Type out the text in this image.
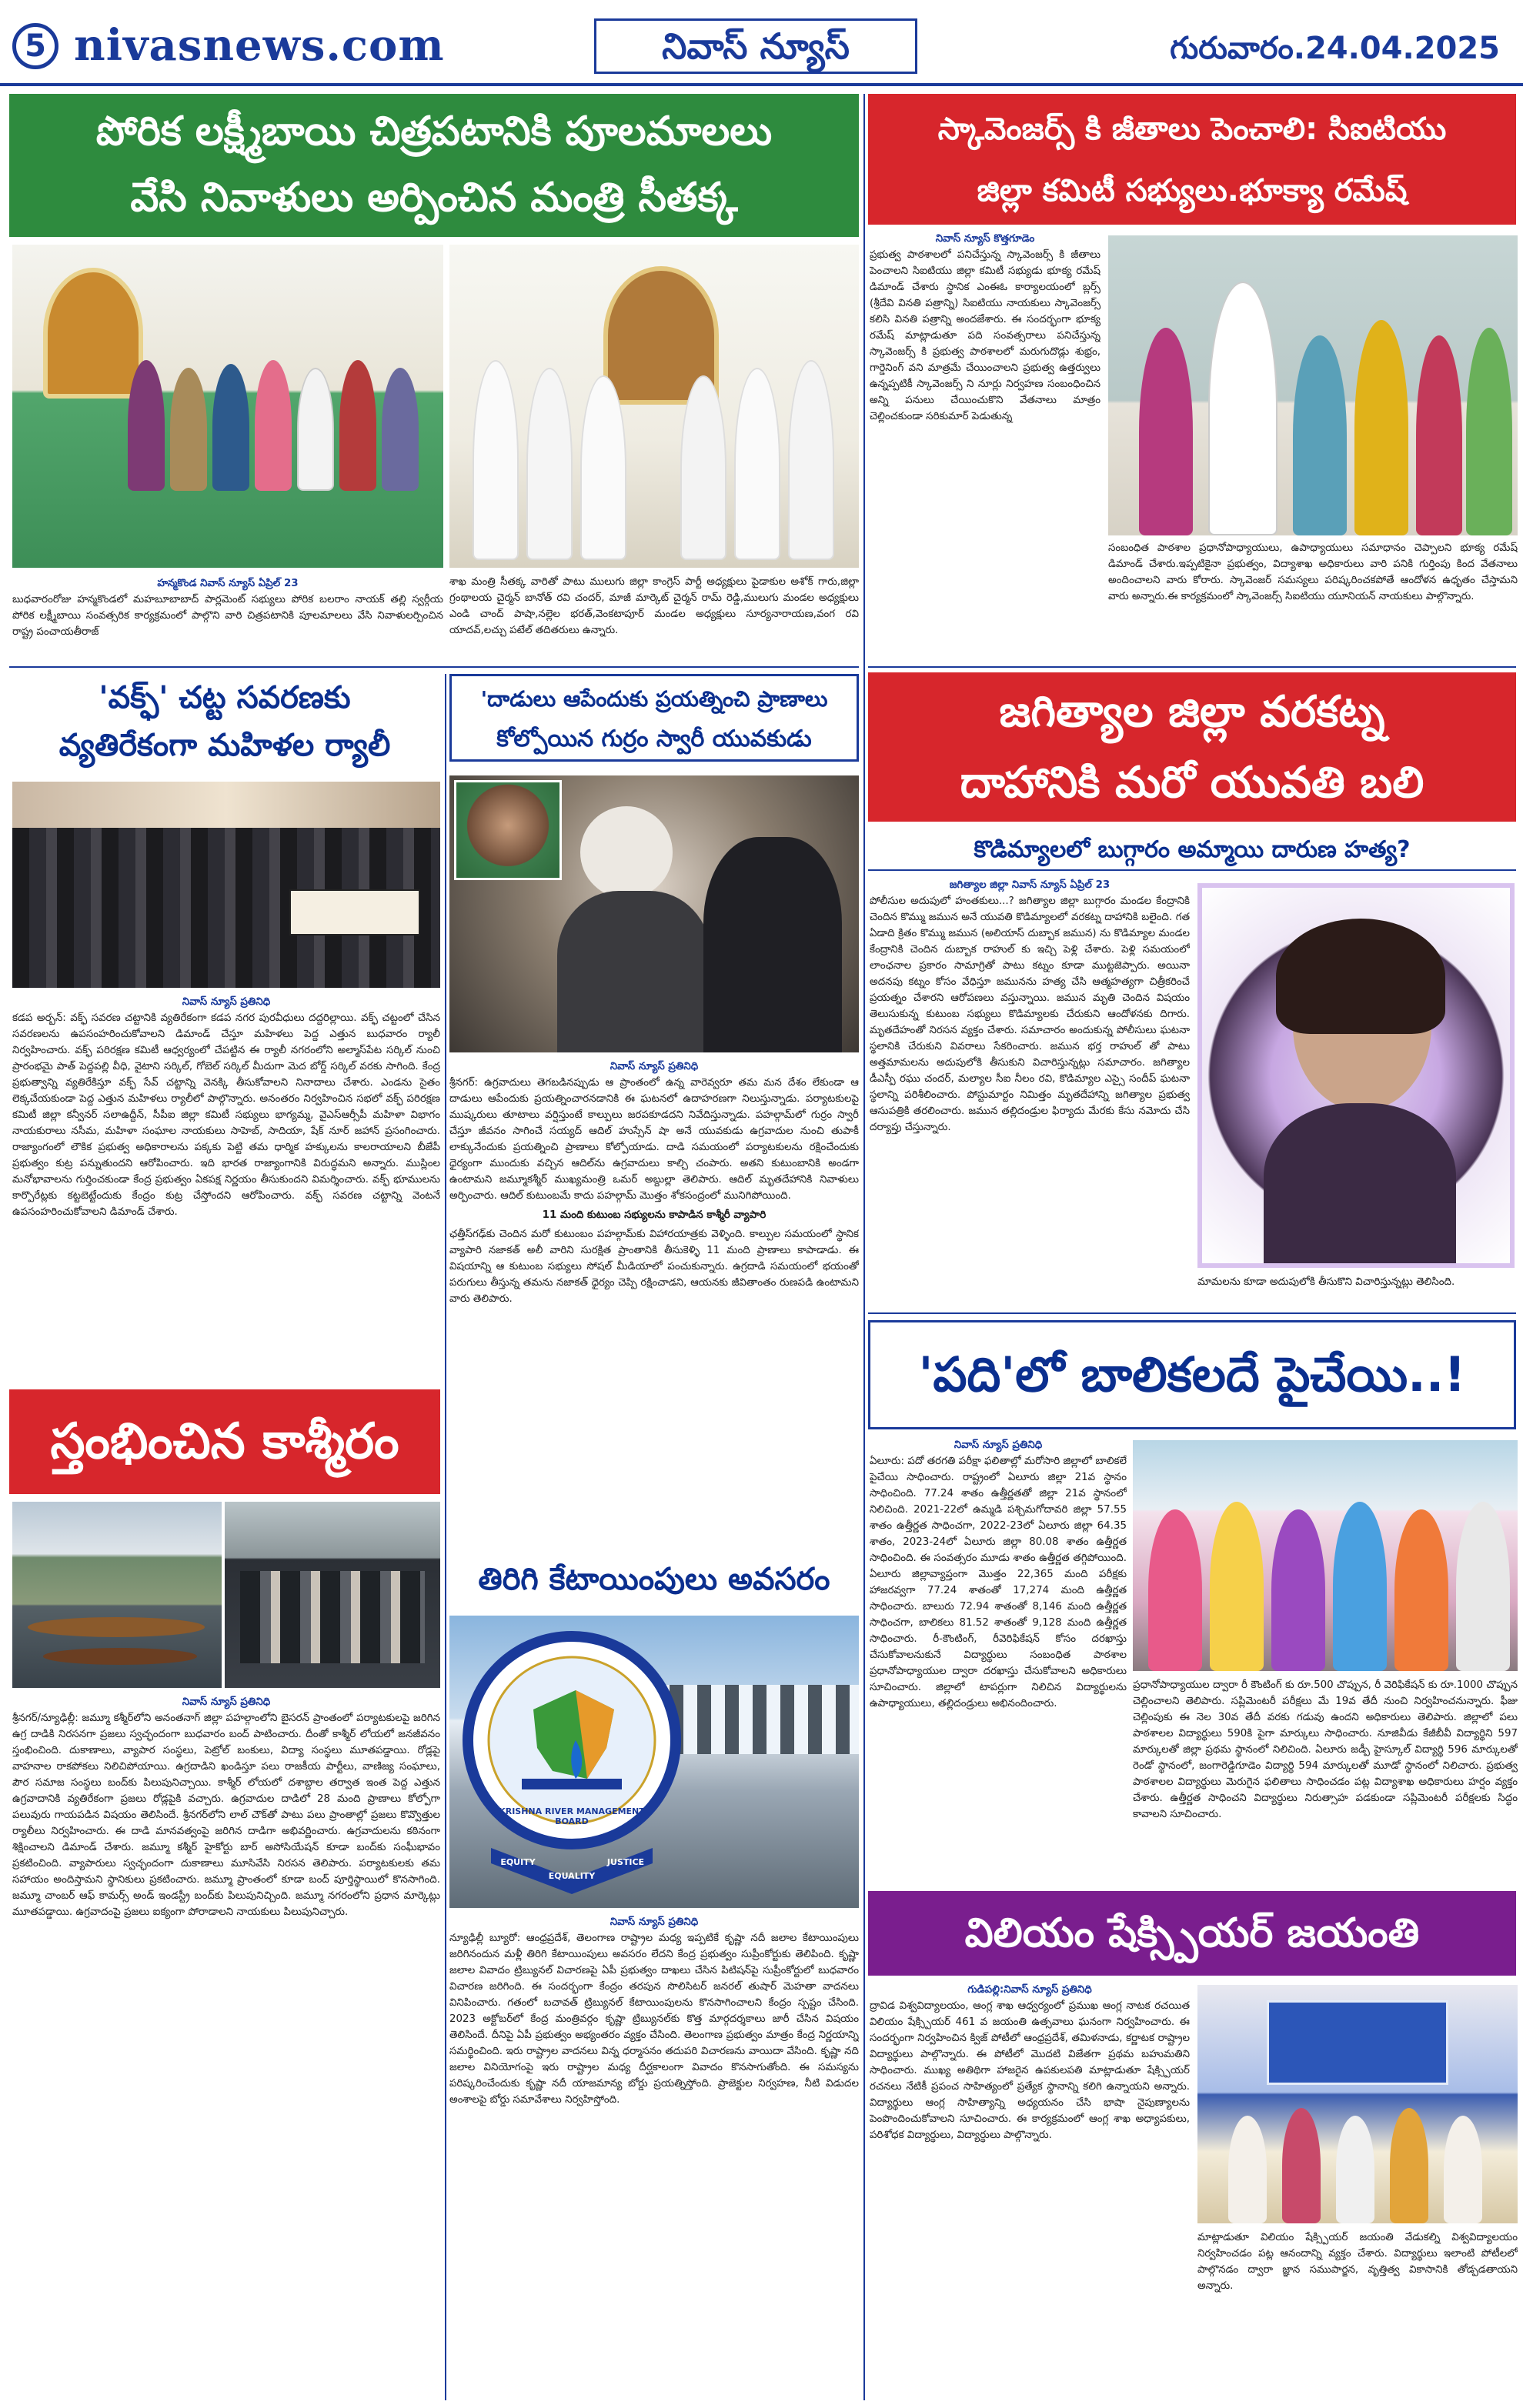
5 nivasnews.com	నివాస్ న్యూస్	గురువారం.24.04.2025
పోరిక లక్ష్మీబాయి చిత్రపటానికి పూలమాలలు
వేసి నివాళులు అర్పించిన మంత్రి సీతక్క
శాఖ మంత్రి సీతక్క వారితో పాటు ములుగు జిల్లా కాంగ్రెస్ పార్టీ అధ్యక్షులు పైడాకుల అశోక్ గారు,జిల్లా గ్రంథాలయ చైర్మన్ బానోత్ రవి చందర్, మాజీ మార్కెట్ చైర్మన్ రామ్ రెడ్డి,ములుగు మండల అధ్యక్షులు ఎండి చాంద్ పాషా,నల్లెల భరత్,వెంకటాపూర్ మండల అధ్యక్షులు సూర్యనారాయణ,వంగ రవి యాదవ్,లచ్చు పటేల్ తదితరులు ఉన్నారు.
హన్మకొండ నివాస్ న్యూస్ ఏప్రిల్ 23
బుధవారంరోజు హన్మకొండలో మహబూబాబాద్ పార్లమెంట్ సభ్యులు పోరిక బలరాం నాయక్ తల్లి స్వర్గీయ పోరిక లక్ష్మీబాయి సంవత్సరిక కార్యక్రమంలో పాల్గొని వారి చిత్రపటానికి పూలమాలలు వేసి నివాళులర్పించిన రాష్ట్ర పంచాయతీరాజ్
'వక్ఫ్' చట్ట సవరణకు
వ్యతిరేకంగా మహిళల ర్యాలీ
నివాస్ న్యూస్ ప్రతినిధి
కడప అర్బన్: వక్ఫ్ సవరణ చట్టానికి వ్యతిరేకంగా కడప నగర పురవీధులు దద్దరిల్లాయి. వక్ఫ్ చట్టంలో చేసిన సవరణలను ఉపసంహరించుకోవాలని డిమాండ్ చేస్తూ మహిళలు పెద్ద ఎత్తున బుధవారం ర్యాలీ నిర్వహించారు. వక్ఫ్ పరిరక్షణ కమిటీ ఆధ్వర్యంలో చేపట్టిన ఈ ర్యాలీ నగరంలోని అల్మాస్‌పేట సర్కిల్ నుంచి ప్రారంభమై పాత్ పెద్దపల్లి వీధి, వైటాని సర్కిల్, గోబెల్ సర్కిల్ మీదుగా మెద బోర్డ్ సర్కిల్ వరకు సాగింది. కేంద్ర ప్రభుత్వాన్ని వ్యతిరేకిస్తూ వక్ఫ్ సేవ్ చట్టాన్ని వెనక్కి తీసుకోవాలని నినాదాలు చేశారు. ఎండను సైతం లెక్కచేయకుండా పెద్ద ఎత్తున మహిళలు ర్యాలీలో పాల్గొన్నారు. అనంతరం నిర్వహించిన సభలో వక్ఫ్ పరిరక్షణ కమిటీ జిల్లా కన్వీనర్ సలాఉద్దీన్, సీపీఐ జిల్లా కమిటీ సభ్యులు భాగ్యమ్మ, వైఎస్ఆర్సీపీ మహిళా విభాగం నాయకురాలు నసీమ, మహిళా సంఘాల నాయకులు సాహెబ్, సాదియా, షేక్ నూర్ జహాన్ ప్రసంగించారు. రాజ్యాంగంలో లౌకిక ప్రభుత్వ అధికారాలను పక్కకు పెట్టి తమ ధార్మిక హక్కులను కాలరాయాలని బీజేపీ ప్రభుత్వం కుట్ర పన్నుతుందని ఆరోపించారు. ఇది భారత రాజ్యాంగానికి విరుద్ధమని అన్నారు. ముస్లింల మనోభావాలను గుర్తించకుండా కేంద్ర ప్రభుత్వం ఏకపక్ష నిర్ణయం తీసుకుందని విమర్శించారు. వక్ఫ్ భూములను కార్పొరేట్లకు కట్టబెట్టేందుకు కేంద్రం కుట్ర చేస్తోందని ఆరోపించారు. వక్ఫ్ సవరణ చట్టాన్ని వెంటనే ఉపసంహరించుకోవాలని డిమాండ్ చేశారు.
స్తంభించిన కాశ్మీరం
నివాస్ న్యూస్ ప్రతినిధి
శ్రీనగర్/న్యూఢిల్లీ: జమ్మూ కశ్మీర్‌లోని అనంతనాగ్ జిల్లా పహల్గాంలోని బైసరన్ ప్రాంతంలో పర్యాటకులపై జరిగిన ఉగ్ర దాడికి నిరసనగా ప్రజలు స్వచ్ఛందంగా బుధవారం బంద్ పాటించారు. దీంతో కాశ్మీర్ లోయలో జనజీవనం స్తంభించింది. దుకాణాలు, వ్యాపార సంస్థలు, పెట్రోల్ బంకులు, విద్యా సంస్థలు మూతపడ్డాయి. రోడ్లపై వాహనాల రాకపోకలు నిలిచిపోయాయి. ఉగ్రదాడిని ఖండిస్తూ పలు రాజకీయ పార్టీలు, వాణిజ్య సంఘాలు, పౌర సమాజ సంస్థలు బంద్‌కు పిలుపునిచ్చాయి. కాశ్మీర్ లోయలో దశాబ్దాల తర్వాత ఇంత పెద్ద ఎత్తున ఉగ్రవాదానికి వ్యతిరేకంగా ప్రజలు రోడ్లపైకి వచ్చారు. ఉగ్రవాదుల దాడిలో 28 మంది ప్రాణాలు కోల్పోగా పలువురు గాయపడిన విషయం తెలిసిందే. శ్రీనగర్‌లోని లాల్ చౌక్‌తో పాటు పలు ప్రాంతాల్లో ప్రజలు కొవ్వొత్తుల ర్యాలీలు నిర్వహించారు. ఈ దాడి మానవత్వంపై జరిగిన దాడిగా అభివర్ణించారు. ఉగ్రవాదులను కఠినంగా శిక్షించాలని డిమాండ్ చేశారు. జమ్మూ కశ్మీర్ హైకోర్టు బార్ అసోసియేషన్ కూడా బంద్‌కు సంఘీభావం ప్రకటించింది. వ్యాపారులు స్వచ్ఛందంగా దుకాణాలు మూసివేసి నిరసన తెలిపారు. పర్యాటకులకు తమ సహాయం అందిస్తామని స్థానికులు ప్రకటించారు. జమ్మూ ప్రాంతంలో కూడా బంద్ పూర్తిస్థాయిలో కొనసాగింది. జమ్మూ చాంబర్ ఆఫ్ కామర్స్ అండ్ ఇండస్ట్రీ బంద్‌కు పిలుపునిచ్చింది. జమ్మూ నగరంలోని ప్రధాన మార్కెట్లు మూతపడ్డాయి. ఉగ్రవాదంపై ప్రజలు ఐక్యంగా పోరాడాలని నాయకులు పిలుపునిచ్చారు.
'దాడులు ఆపేందుకు ప్రయత్నించి ప్రాణాలు
కోల్పోయిన గుర్రం స్వారీ యువకుడు
నివాస్ న్యూస్ ప్రతినిధి
శ్రీనగర్: ఉగ్రవాదులు తెగబడినప్పుడు ఆ ప్రాంతంలో ఉన్న వారెవ్వరూ తమ మన దేశం లేకుండా ఆ దాడులు ఆపేందుకు ప్రయత్నించారనడానికి ఈ ఘటనలో ఉదాహరణగా నిలుస్తున్నాడు. పర్యాటకులపై ముష్కరులు తూటాలు వర్షిస్తుంటే కాల్పులు జరపకూడదని నివేదిస్తున్నాడు. పహల్గామ్‌లో గుర్రం స్వారీ చేస్తూ జీవనం సాగించే సయ్యద్ ఆదిల్ హుస్సేన్ షా అనే యువకుడు ఉగ్రవాదుల నుంచి తుపాకీ లాక్కునేందుకు ప్రయత్నించి ప్రాణాలు కోల్పోయాడు. దాడి సమయంలో పర్యాటకులను రక్షించేందుకు ధైర్యంగా ముందుకు వచ్చిన ఆదిల్‌ను ఉగ్రవాదులు కాల్చి చంపారు. అతని కుటుంబానికి అండగా ఉంటామని జమ్మూకశ్మీర్ ముఖ్యమంత్రి ఒమర్ అబ్దుల్లా తెలిపారు. ఆదిల్ మృతదేహానికి నివాళులు అర్పించారు. ఆదిల్ కుటుంబమే కాదు పహల్గామ్ మొత్తం శోకసంద్రంలో మునిగిపోయింది.
11 మంది కుటుంబ సభ్యులను కాపాడిన కాశ్మీరీ వ్యాపారి
ఛత్తీస్‌గఢ్‌కు చెందిన మరో కుటుంబం పహల్గామ్‌కు విహారయాత్రకు వెళ్ళింది. కాల్పుల సమయంలో స్థానిక వ్యాపారి నజాకత్ అలీ వారిని సురక్షిత ప్రాంతానికి తీసుకెళ్ళి 11 మంది ప్రాణాలు కాపాడాడు. ఈ విషయాన్ని ఆ కుటుంబ సభ్యులు సోషల్ మీడియాలో పంచుకున్నారు. ఉగ్రదాడి సమయంలో భయంతో పరుగులు తీస్తున్న తమను నజాకత్ ధైర్యం చెప్పి రక్షించాడని, ఆయనకు జీవితాంతం రుణపడి ఉంటామని వారు తెలిపారు.
తిరిగి కేటాయింపులు అవసరం
KRISHNA RIVER MANAGEMENT BOARD
EQUITY
EQUALITY
JUSTICE
నివాస్ న్యూస్ ప్రతినిధి
న్యూఢిల్లీ బ్యూరో: ఆంధ్రప్రదేశ్, తెలంగాణ రాష్ట్రాల మధ్య ఇప్పటికే కృష్ణా నదీ జలాల కేటాయింపులు జరిగినందున మళ్లీ తిరిగి కేటాయింపులు అవసరం లేదని కేంద్ర ప్రభుత్వం సుప్రీంకోర్టుకు తెలిపింది. కృష్ణా జలాల వివాదం ట్రిబ్యునల్ విచారణపై ఏపీ ప్రభుత్వం దాఖలు చేసిన పిటిషన్‌పై సుప్రీంకోర్టులో బుధవారం విచారణ జరిగింది. ఈ సందర్భంగా కేంద్రం తరపున సొలిసిటర్ జనరల్ తుషార్ మెహతా వాదనలు వినిపించారు. గతంలో బచావత్ ట్రిబ్యునల్ కేటాయింపులను కొనసాగించాలని కేంద్రం స్పష్టం చేసింది. 2023 అక్టోబర్‌లో కేంద్ర మంత్రివర్గం కృష్ణా ట్రిబ్యునల్‌కు కొత్త మార్గదర్శకాలు జారీ చేసిన విషయం తెలిసిందే. దీనిపై ఏపీ ప్రభుత్వం అభ్యంతరం వ్యక్తం చేసింది. తెలంగాణ ప్రభుత్వం మాత్రం కేంద్ర నిర్ణయాన్ని సమర్థించింది. ఇరు రాష్ట్రాల వాదనలు విన్న ధర్మాసనం తదుపరి విచారణను వాయిదా వేసింది. కృష్ణా నది జలాల వినియోగంపై ఇరు రాష్ట్రాల మధ్య దీర్ఘకాలంగా వివాదం కొనసాగుతోంది. ఈ సమస్యను పరిష్కరించేందుకు కృష్ణా నదీ యాజమాన్య బోర్డు ప్రయత్నిస్తోంది. ప్రాజెక్టుల నిర్వహణ, నీటి విడుదల అంశాలపై బోర్డు సమావేశాలు నిర్వహిస్తోంది.
స్కావెంజర్స్ కి జీతాలు పెంచాలి: సిఐటియు
జిల్లా కమిటీ సభ్యులు.భూక్యా రమేష్
నివాస్ న్యూస్ కొత్తగూడెం
ప్రభుత్వ పాఠశాలలో పనిచేస్తున్న స్కావెంజర్స్ కి జీతాలు పెంచాలని సిఐటియు జిల్లా కమిటీ సభ్యుడు భూక్య రమేష్ డిమాండ్ చేశారు స్థానిక ఎంఈఓ కార్యాలయంలో బ్లర్స్ (శ్రీదేవి వినతి పత్రాన్ని) సిఐటియు నాయకులు స్కావెంజర్స్ కలిసి వినతి పత్రాన్ని అందజేశారు. ఈ సందర్భంగా భూక్య రమేష్ మాట్లాడుతూ పది సంవత్సరాలు పనిచేస్తున్న స్కావెంజర్స్ కి ప్రభుత్వ పాఠశాలలో మరుగుదొడ్లు శుభ్రం, గార్డెనింగ్ వని మాత్రమే చేయించాలని ప్రభుత్వ ఉత్తర్వులు ఉన్నప్పటికీ స్కావెంజర్స్ ని నూర్లు నిర్వహణ సంబంధించిన అన్ని పనులు చేయించుకొని వేతనాలు మాత్రం చెల్లించకుండా సరికుమార్ పెడుతున్న
సంబంధిత పాఠశాల ప్రధానోపాధ్యాయులు, ఉపాధ్యాయులు సమాధానం చెప్పాలని భూక్య రమేష్ డిమాండ్ చేశారు.ఇప్పటికైనా ప్రభుత్వం, విద్యాశాఖ అధికారులు వారి పనికి గుర్తింపు కింద వేతనాలు అందించాలని వారు కోరారు. స్కావెంజర్ సమస్యలు పరిష్కరించకపోతే ఆందోళన ఉధృతం చేస్తామని వారు అన్నారు.ఈ కార్యక్రమంలో స్కావెంజర్స్ సిఐటియు యూనియన్ నాయకులు పాల్గొన్నారు.
జగిత్యాల జిల్లా వరకట్న
దాహానికి మరో యువతి బలి
కొడిమ్యాలలో బుగ్గారం అమ్మాయి దారుణ హత్య?
జగిత్యాల జిల్లా నివాస్ న్యూస్ ఏప్రిల్ 23
పోలీసుల అదుపులో హంతకులు...? జగిత్యాల జిల్లా బుగ్గారం మండల కేంద్రానికి చెందిన కొమ్ము జమున అనే యువతి కొడిమ్యాలలో వరకట్న దాహానికి బలైంది. గత ఏడాది క్రితం కొమ్ము జమున (అలియాస్ దుబ్బాక జమున) ను కొడిమ్యాల మండల కేంద్రానికి చెందిన దుబ్బాక రాహుల్ కు ఇచ్చి పెళ్లి చేశారు. పెళ్లి సమయంలో లాంఛనాల ప్రకారం సామాగ్రితో పాటు కట్నం కూడా ముట్టజెప్పారు. అయినా అదనపు కట్నం కోసం వేధిస్తూ జమునను హత్య చేసి ఆత్మహత్యగా చిత్రీకరించే ప్రయత్నం చేశారని ఆరోపణలు వస్తున్నాయి. జమున మృతి చెందిన విషయం తెలుసుకున్న కుటుంబ సభ్యులు కొడిమ్యాలకు చేరుకుని ఆందోళనకు దిగారు. మృతదేహంతో నిరసన వ్యక్తం చేశారు. సమాచారం అందుకున్న పోలీసులు ఘటనా స్థలానికి చేరుకుని వివరాలు సేకరించారు. జమున భర్త రాహుల్ తో పాటు అత్తమామలను అదుపులోకి తీసుకుని విచారిస్తున్నట్లు సమాచారం. జగిత్యాల డీఎస్పీ రఘు చందర్, మల్యాల సీఐ నీలం రవి, కొడిమ్యాల ఎస్సై సందీప్ ఘటనా స్థలాన్ని పరిశీలించారు. పోస్టుమార్టం నిమిత్తం మృతదేహాన్ని జగిత్యాల ప్రభుత్వ ఆసుపత్రికి తరలించారు. జమున తల్లిదండ్రుల ఫిర్యాదు మేరకు కేసు నమోదు చేసి దర్యాప్తు చేస్తున్నారు.
మామలను కూడా అదుపులోకి తీసుకొని విచారిస్తున్నట్లు తెలిసింది.
'పది'లో బాలికలదే పైచేయి..!
నివాస్ న్యూస్ ప్రతినిధి
ఏలూరు: పదో తరగతి పరీక్షా ఫలితాల్లో మరోసారి జిల్లాలో బాలికలే పైచేయి సాధించారు. రాష్ట్రంలో ఏలూరు జిల్లా 21వ స్థానం సాధించింది. 77.24 శాతం ఉత్తీర్ణతతో జిల్లా 21వ స్థానంలో నిలిచింది. 2021-22లో ఉమ్మడి పశ్చిమగోదావరి జిల్లా 57.55 శాతం ఉత్తీర్ణత సాధించగా, 2022-23లో ఏలూరు జిల్లా 64.35 శాతం, 2023-24లో ఏలూరు జిల్లా 80.08 శాతం ఉత్తీర్ణత సాధించింది. ఈ సంవత్సరం మూడు శాతం ఉత్తీర్ణత తగ్గిపోయింది. ఏలూరు జిల్లావ్యాప్తంగా మొత్తం 22,365 మంది పరీక్షకు హాజరవ్వగా 77.24 శాతంతో 17,274 మంది ఉత్తీర్ణత సాధించారు. బాలురు 72.94 శాతంతో 8,146 మంది ఉత్తీర్ణత సాధించగా, బాలికలు 81.52 శాతంతో 9,128 మంది ఉత్తీర్ణత సాధించారు. రీ-కౌంటింగ్, రీవెరిఫికేషన్ కోసం దరఖాస్తు చేసుకోవాలనుకునే విద్యార్థులు సంబంధిత పాఠశాల ప్రధానోపాధ్యాయుల ద్వారా దరఖాస్తు చేసుకోవాలని అధికారులు సూచించారు. జిల్లాలో టాపర్లుగా నిలిచిన విద్యార్థులను ఉపాధ్యాయులు, తల్లిదండ్రులు అభినందించారు.
ప్రధానోపాధ్యాయుల ద్వారా రీ కౌంటింగ్ కు రూ.500 చొప్పున, రీ వెరిఫికేషన్ కు రూ.1000 చొప్పున చెల్లించాలని తెలిపారు. సప్లిమెంటరీ పరీక్షలు మే 19వ తేదీ నుంచి నిర్వహించనున్నారు. ఫీజు చెల్లింపుకు ఈ నెల 30వ తేదీ వరకు గడువు ఉందని అధికారులు తెలిపారు. జిల్లాలో పలు పాఠశాలల విద్యార్థులు 590కి పైగా మార్కులు సాధించారు. నూజివీడు కేజీబీవీ విద్యార్థిని 597 మార్కులతో జిల్లా ప్రథమ స్థానంలో నిలిచింది. ఏలూరు జడ్పీ హైస్కూల్ విద్యార్థి 596 మార్కులతో రెండో స్థానంలో, జంగారెడ్డిగూడెం విద్యార్థి 594 మార్కులతో మూడో స్థానంలో నిలిచారు. ప్రభుత్వ పాఠశాలల విద్యార్థులు మెరుగైన ఫలితాలు సాధించడం పట్ల విద్యాశాఖ అధికారులు హర్షం వ్యక్తం చేశారు. ఉత్తీర్ణత సాధించని విద్యార్థులు నిరుత్సాహ పడకుండా సప్లిమెంటరీ పరీక్షలకు సిద్ధం కావాలని సూచించారు.
విలియం షేక్స్పియర్ జయంతి
గుడిపల్లి:నివాస్ న్యూస్ ప్రతినిధి
ద్రావిడ విశ్వవిద్యాలయం, ఆంగ్ల శాఖ ఆధ్వర్యంలో ప్రముఖ ఆంగ్ల నాటక రచయిత విలియం షేక్స్పియర్ 461 వ జయంతి ఉత్సవాలు ఘనంగా నిర్వహించారు. ఈ సందర్భంగా నిర్వహించిన క్విజ్ పోటీలో ఆంధ్రప్రదేశ్, తమిళనాడు, కర్ణాటక రాష్ట్రాల విద్యార్థులు పాల్గొన్నారు. ఈ పోటీలో మొదటి విజేతగా ప్రథమ బహుమతిని సాధించారు. ముఖ్య అతిథిగా హాజరైన ఉపకులపతి మాట్లాడుతూ షేక్స్పియర్ రచనలు నేటికీ ప్రపంచ సాహిత్యంలో ప్రత్యేక స్థానాన్ని కలిగి ఉన్నాయని అన్నారు. విద్యార్థులు ఆంగ్ల సాహిత్యాన్ని అధ్యయనం చేసి భాషా నైపుణ్యాలను పెంపొందించుకోవాలని సూచించారు. ఈ కార్యక్రమంలో ఆంగ్ల శాఖ అధ్యాపకులు, పరిశోధక విద్యార్థులు, విద్యార్థులు పాల్గొన్నారు.
మాట్లాడుతూ విలియం షేక్స్పియర్ జయంతి వేడుకల్ని విశ్వవిద్యాలయం నిర్వహించడం పట్ల ఆనందాన్ని వ్యక్తం చేశారు. విద్యార్థులు ఇలాంటి పోటీలలో పాల్గొనడం ద్వారా జ్ఞాన సముపార్జన, వృత్తిత్వ వికాసానికి తోడ్పడతాయని అన్నారు.
